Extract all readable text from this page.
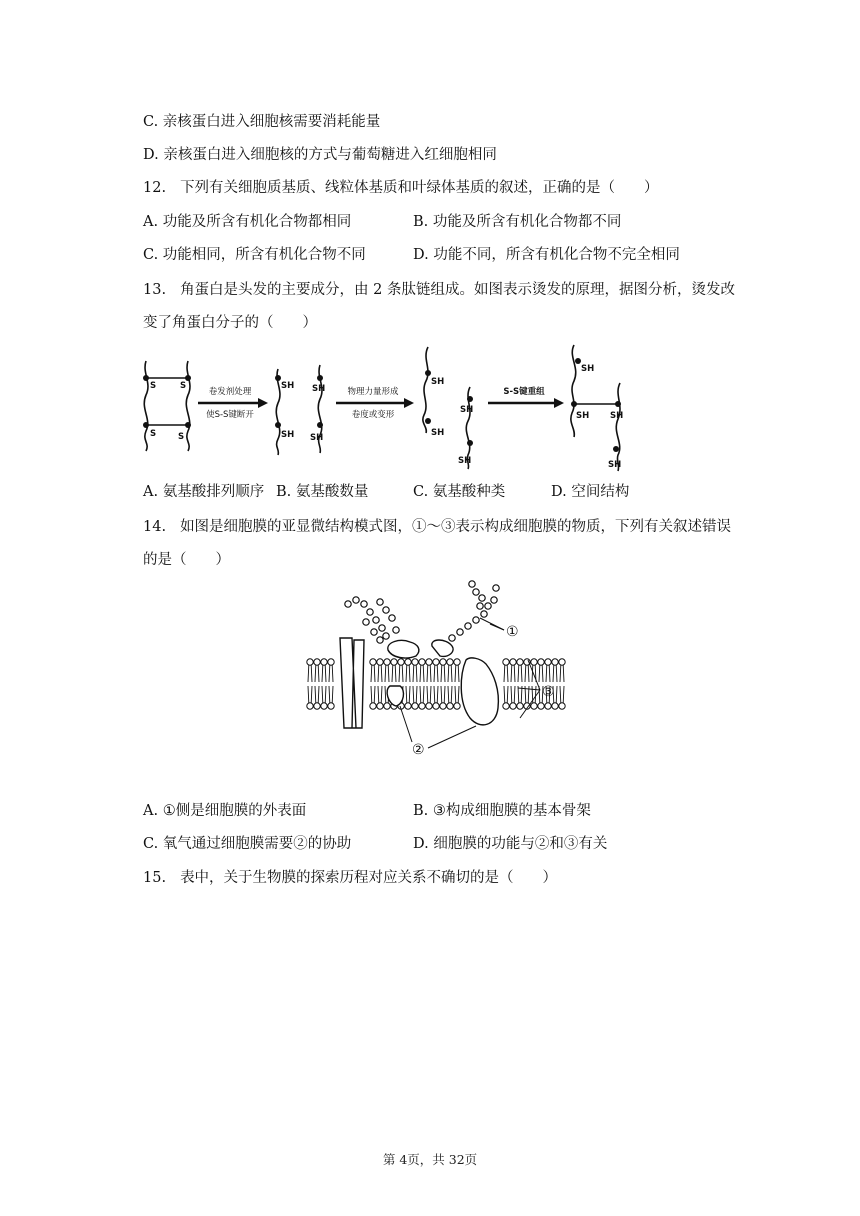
C. 亲核蛋白进入细胞核需要消耗能量
D. 亲核蛋白进入细胞核的方式与葡萄糖进入红细胞相同
12. 下列有关细胞质基质、线粒体基质和叶绿体基质的叙述，正确的是（　　）
A. 功能及所含有机化合物都相同	B. 功能及所含有机化合物都不同
C. 功能相同，所含有机化合物不同	D. 功能不同，所含有机化合物不完全相同
13. 角蛋白是头发的主要成分，由 2 条肽链组成。如图表示烫发的原理，据图分析，烫发改
变了角蛋白分子的（　　）
S	S
S	S
SH SH
SH SH
SH
SH
SH
SH
SH
SH SH
SH
卷发剂处理
使S-S键断开
物理力量形成
卷度或变形
S-S键重组
A. 氨基酸排列顺序 B. 氨基酸数量	C. 氨基酸种类	D. 空间结构
14. 如图是细胞膜的亚显微结构模式图，①～③表示构成细胞膜的物质，下列有关叙述错误
的是（　　）
①
③
②
A. ①侧是细胞膜的外表面	B. ③构成细胞膜的基本骨架
C. 氧气通过细胞膜需要②的协助	D. 细胞膜的功能与②和③有关
15. 表中，关于生物膜的探索历程对应关系不确切的是（　　）
第 4页，共 32页
